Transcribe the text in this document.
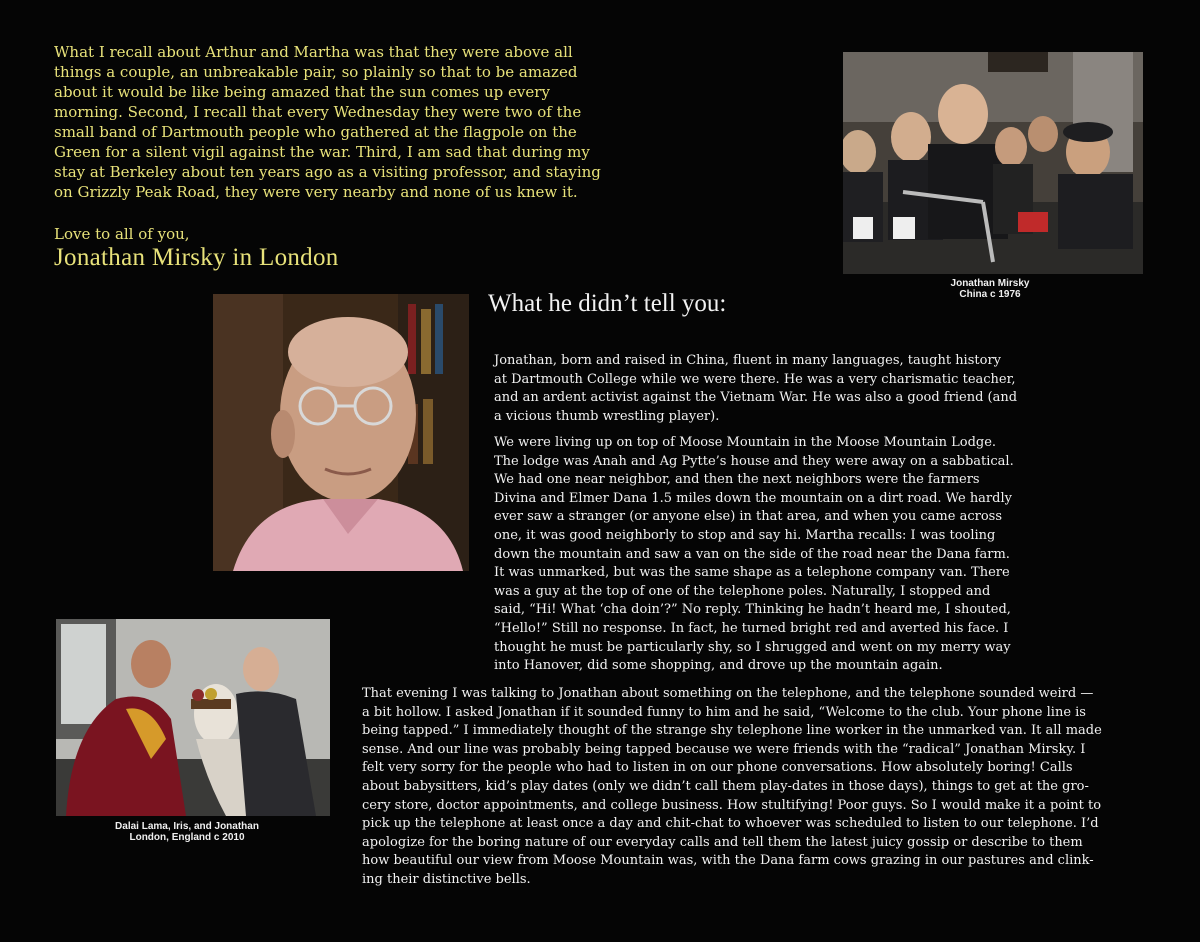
What I recall about Arthur and Martha was that they were above all
things a couple, an unbreakable pair, so plainly so that to be amazed
about it would be like being amazed that the sun comes up every
morning. Second, I recall that every Wednesday they were two of the
small band of Dartmouth people who gathered at the flagpole on the
Green for a silent vigil against the war. Third, I am sad that during my
stay at Berkeley about ten years ago as a visiting professor, and staying
on Grizzly Peak Road, they were very nearby and none of us knew it.

Love to all of you,

Jonathan Mirsky in London

Jonathan Mirsky

China c 1976

Dalai Lama, Iris, and Jonathan

London, England c 2010

What he didn’t tell you:

Jonathan, born and raised in China, fluent in many languages, taught history
at Dartmouth College while we were there. He was a very charismatic teacher,
and an ardent activist against the Vietnam War. He was also a good friend (and
a vicious thumb wrestling player).

We were living up on top of Moose Mountain in the Moose Mountain Lodge.
The lodge was Anah and Ag Pytte’s house and they were away on a sabbatical.
We had one near neighbor, and then the next neighbors were the farmers
Divina and Elmer Dana 1.5 miles down the mountain on a dirt road. We hardly
ever saw a stranger (or anyone else) in that area, and when you came across
one, it was good neighborly to stop and say hi. Martha recalls: I was tooling
down the mountain and saw a van on the side of the road near the Dana farm.
It was unmarked, but was the same shape as a telephone company van. There
was a guy at the top of one of the telephone poles. Naturally, I stopped and
said, “Hi! What ‘cha doin’?” No reply. Thinking he hadn’t heard me, I shouted,
“Hello!” Still no response. In fact, he turned bright red and averted his face. I
thought he must be particularly shy, so I shrugged and went on my merry way
into Hanover, did some shopping, and drove up the mountain again.

That evening I was talking to Jonathan about something on the telephone, and the telephone sounded weird —
a bit hollow. I asked Jonathan if it sounded funny to him and he said, “Welcome to the club. Your phone line is
being tapped.” I immediately thought of the strange shy telephone line worker in the unmarked van. It all made
sense. And our line was probably being tapped because we were friends with the “radical” Jonathan Mirsky. I
felt very sorry for the people who had to listen in on our phone conversations. How absolutely boring! Calls
about babysitters, kid’s play dates (only we didn’t call them play-dates in those days), things to get at the gro-
cery store, doctor appointments, and college business. How stultifying! Poor guys. So I would make it a point to
pick up the telephone at least once a day and chit-chat to whoever was scheduled to listen to our telephone. I’d
apologize for the boring nature of our everyday calls and tell them the latest juicy gossip or describe to them
how beautiful our view from Moose Mountain was, with the Dana farm cows grazing in our pastures and clink-
ing their distinctive bells.
